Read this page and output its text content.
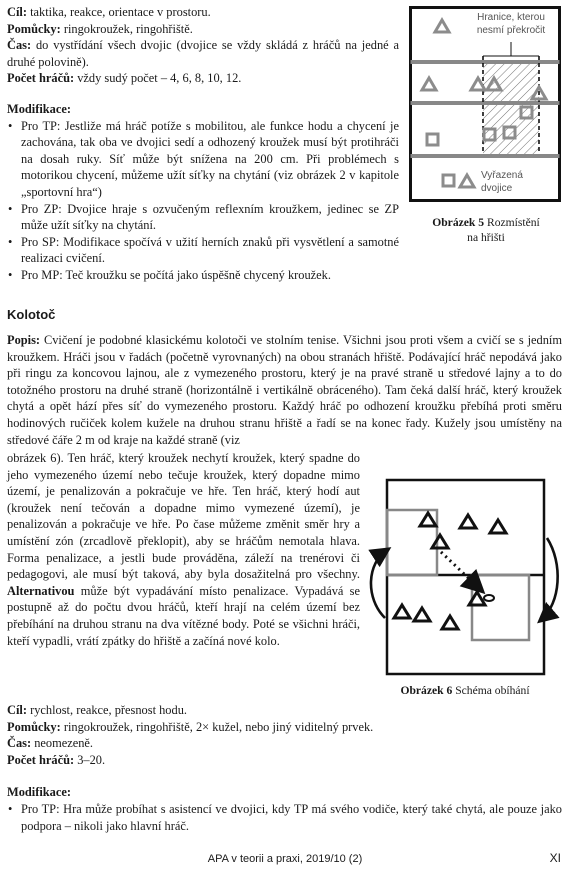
Cíl: taktika, reakce, orientace v prostoru.
Pomůcky: ringokroužek, ringohřiště.
Čas: do vystřídání všech dvojic (dvojice se vždy skládá z hráčů na jedné a druhé polovině).
Počet hráčů: vždy sudý počet – 4, 6, 8, 10, 12.
Modifikace:
• Pro TP: Jestliže má hráč potíže s mobilitou, ale funkce hodu a chycení je zachována, tak oba ve dvojici sedí a odhozený kroužek musí být protihráči na dosah ruky. Síť může být snížena na 200 cm. Při problémech s motorikou chycení, můžeme užít síťky na chytání (viz obrázek 2 v kapitole „sportovní hra“)
• Pro ZP: Dvojice hraje s ozvučeným reflexním kroužkem, jedinec se ZP může užít síťky na chytání.
• Pro SP: Modifikace spočívá v užití herních znaků při vysvětlení a samotné realizaci cvičení.
• Pro MP: Teč kroužku se počítá jako úspěšně chycený kroužek.
Hranice, kterou
nesmí překročit
Vyřazená
dvojice
Obrázek 5 Rozmístění
na hřišti
Kolotoč
Popis: Cvičení je podobné klasickému kolotoči ve stolním tenise. Všichni jsou proti všem a cvičí se s jedním kroužkem. Hráči jsou v řadách (početně vyrovnaných) na obou stranách hřiště. Podávající hráč nepodává jako při ringu za koncovou lajnou, ale z vymezeného prostoru, který je na pravé straně u středové lajny a to do totožného prostoru na druhé straně (horizontálně i vertikálně obráceného). Tam čeká další hráč, který kroužek chytá a opět hází přes síť do vymezeného prostoru. Každý hráč po odhození kroužku přebíhá proti směru hodinových ručiček kolem kužele na druhou stranu hřiště a řadí se na konec řady. Kužely jsou umístěny na středové čáře 2 m od kraje na každé straně (viz
obrázek 6). Ten hráč, který kroužek nechytí kroužek, který spadne do jeho vymezeného území nebo tečuje kroužek, který dopadne mimo území, je penalizován a pokračuje ve hře. Ten hráč, který hodí aut (kroužek není tečován a dopadne mimo vymezené území), je penalizován a pokračuje ve hře. Po čase můžeme změnit směr hry a umístění zón (zrcadlově překlopit), aby se hráčům nemotala hlava. Forma penalizace, a jestli bude prováděna, záleží na trenérovi či pedagogovi, ale musí být taková, aby byla dosažitelná pro všechny. Alternativou může být vypadávání místo penalizace. Vypadává se postupně až do počtu dvou hráčů, kteří hrají na celém území bez přebíhání na druhou stranu na dva vítězné body. Poté se všichni hráči, kteří vypadli, vrátí zpátky do hřiště a začíná nové kolo.
Obrázek 6 Schéma obíhání
Cíl: rychlost, reakce, přesnost hodu.
Pomůcky: ringokroužek, ringohřiště, 2× kužel, nebo jiný viditelný prvek.
Čas: neomezeně.
Počet hráčů: 3–20.
Modifikace:
• Pro TP: Hra může probíhat s asistencí ve dvojici, kdy TP má svého vodiče, který také chytá, ale pouze jako podpora – nikoli jako hlavní hráč.
APA v teorii a praxi, 2019/10 (2)	XI
